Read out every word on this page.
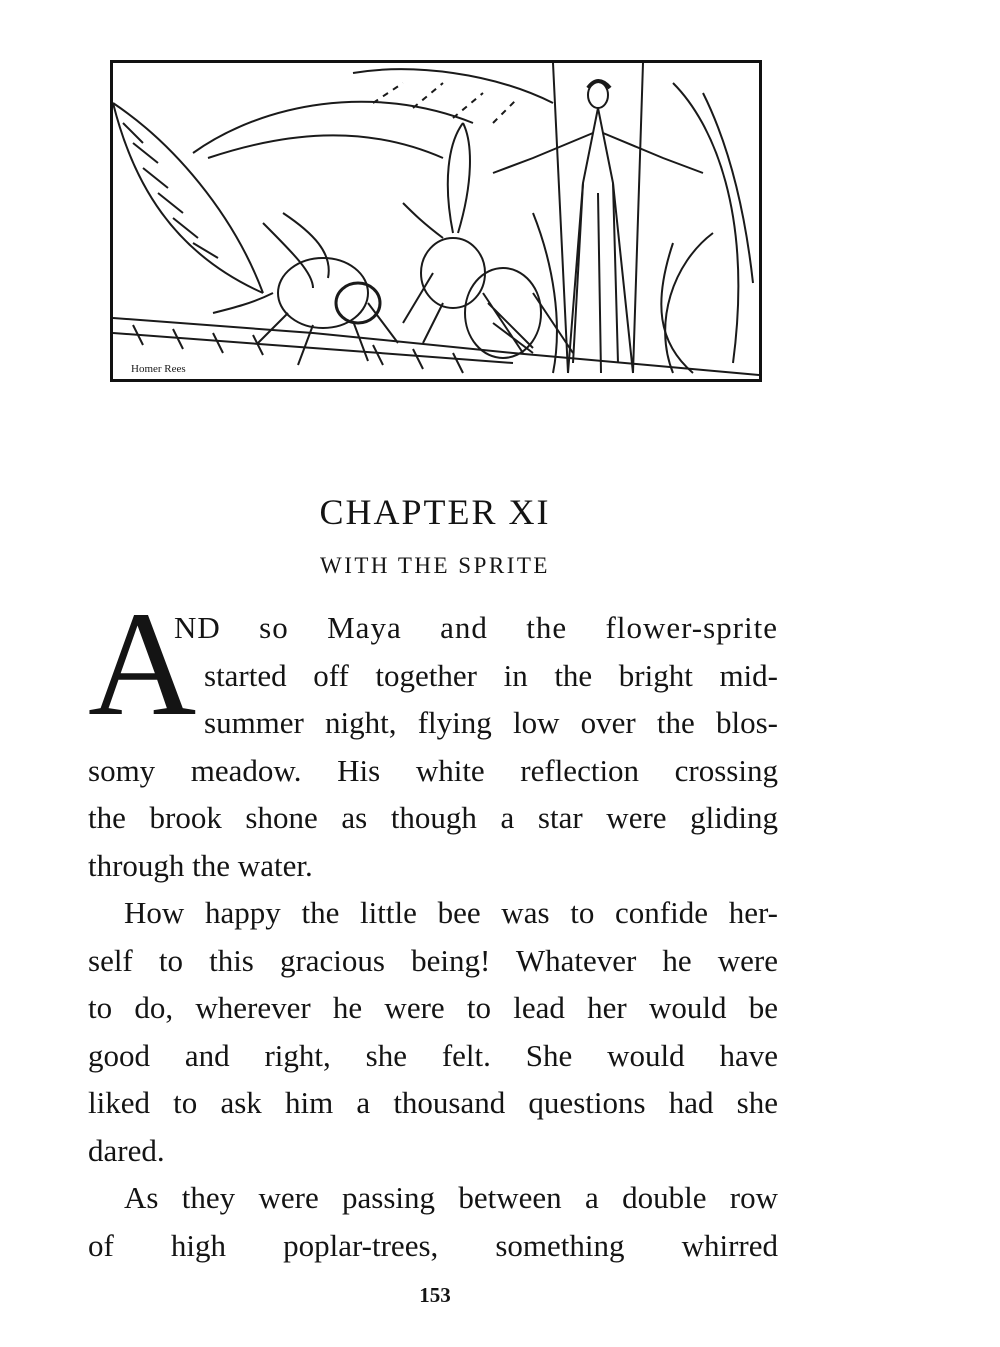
Homer Rees
CHAPTER XI
WITH THE SPRITE
A
ND so Maya and the flower-sprite
started off together in the bright mid-
summer night, flying low over the blos-
somy meadow. His white reflection crossing
the brook shone as though a star were gliding
through the water.
How happy the little bee was to confide her-
self to this gracious being! Whatever he were
to do, wherever he were to lead her would be
good and right, she felt. She would have
liked to ask him a thousand questions had she
dared.
As they were passing between a double row
of high poplar-trees, something whirred
153
